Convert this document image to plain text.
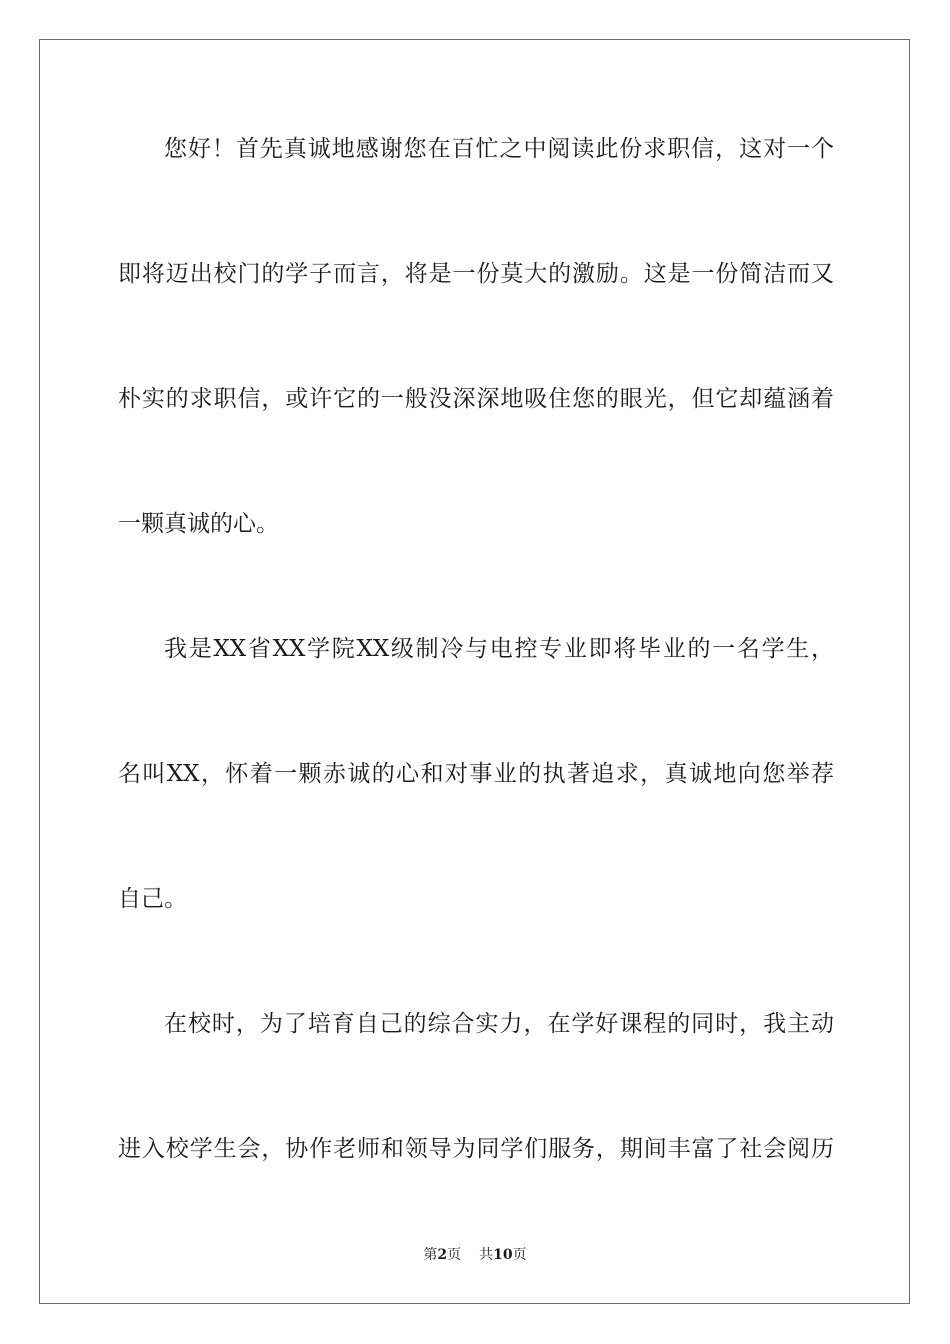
您好！首先真诚地感谢您在百忙之中阅读此份求职信，这对一个
即将迈出校门的学子而言，将是一份莫大的激励。这是一份简洁而又
朴实的求职信，或许它的一般没深深地吸住您的眼光，但它却蕴涵着
一颗真诚的心。
我是XX省XX学院XX级制冷与电控专业即将毕业的一名学生，
名叫XX，怀着一颗赤诚的心和对事业的执著追求，真诚地向您举荐
自己。
在校时，为了培育自己的综合实力，在学好课程的同时，我主动
进入校学生会，协作老师和领导为同学们服务，期间丰富了社会阅历
第2页 共10页
